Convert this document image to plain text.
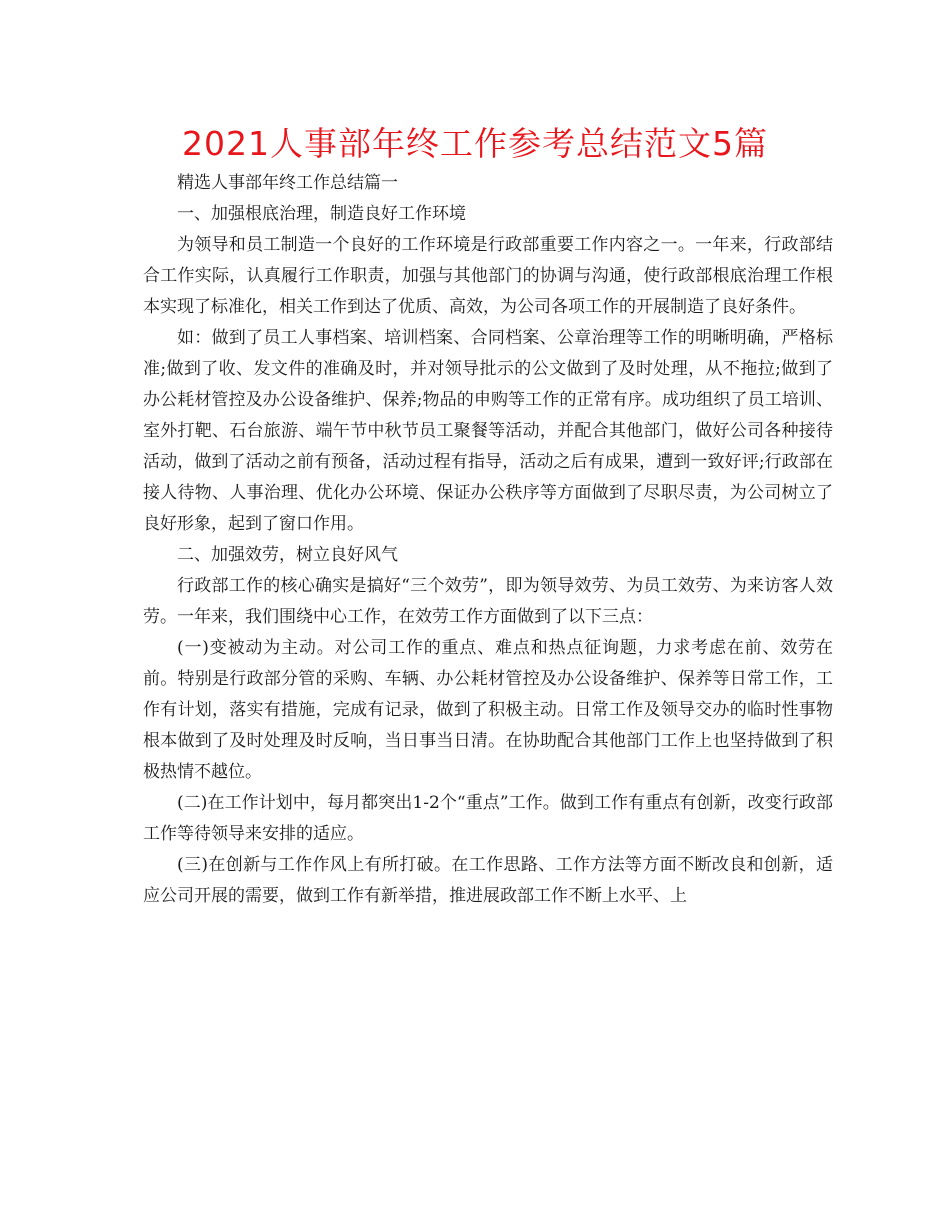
2021人事部年终工作参考总结范文5篇

精选人事部年终工作总结篇一

一、加强根底治理，制造良好工作环境

为领导和员工制造一个良好的工作环境是行政部重要工作内容之一。一年来，行政部结合工作实际，认真履行工作职责，加强与其他部门的协调与沟通，使行政部根底治理工作根本实现了标准化，相关工作到达了优质、高效，为公司各项工作的开展制造了良好条件。

如：做到了员工人事档案、培训档案、合同档案、公章治理等工作的明晰明确，严格标准;做到了收、发文件的准确及时，并对领导批示的公文做到了及时处理，从不拖拉;做到了办公耗材管控及办公设备维护、保养;物品的申购等工作的正常有序。成功组织了员工培训、室外打靶、石台旅游、端午节中秋节员工聚餐等活动，并配合其他部门，做好公司各种接待活动，做到了活动之前有预备，活动过程有指导，活动之后有成果，遭到一致好评;行政部在接人待物、人事治理、优化办公环境、保证办公秩序等方面做到了尽职尽责，为公司树立了良好形象，起到了窗口作用。

二、加强效劳，树立良好风气

行政部工作的核心确实是搞好“三个效劳”，即为领导效劳、为员工效劳、为来访客人效劳。一年来，我们围绕中心工作，在效劳工作方面做到了以下三点：

(一)变被动为主动。对公司工作的重点、难点和热点征询题，力求考虑在前、效劳在前。特别是行政部分管的采购、车辆、办公耗材管控及办公设备维护、保养等日常工作，工作有计划，落实有措施，完成有记录，做到了积极主动。日常工作及领导交办的临时性事物根本做到了及时处理及时反响，当日事当日清。在协助配合其他部门工作上也坚持做到了积极热情不越位。

(二)在工作计划中，每月都突出1-2个“重点”工作。做到工作有重点有创新，改变行政部工作等待领导来安排的适应。

(三)在创新与工作作风上有所打破。在工作思路、工作方法等方面不断改良和创新，适应公司开展的需要，做到工作有新举措，推进展政部工作不断上水平、上
